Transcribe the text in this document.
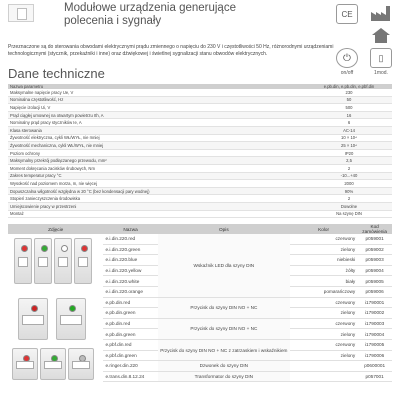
Modułowe urządzenia generujące
polecenia i sygnały	CE
⏻
on/off
▯
1mod.
Przeznaczone są do sterowania obwodami elektrycznymi prądu zmiennego o napięciu do 230 V i częstotliwości 50 Hz, różnorodnymi urządzeniami technologicznymi (stycznik, przekaźniki i inne) oraz dźwiękowej i świetlnej sygnalizacji stanu obwodów elektrycznych.
Dane techniczne
Nazwa parametru	e.pb.din, e.pb.din, e.pbf.din
Maksymalne napięcie pracy Ue, V	230
Nominalna częstotliwość, Hz	50
Napięcie izolacji Ui, V	500
Prąd ciągłej umownej na otwartym powietrzu Ith, A	16
Nominalny prąd pracy styczników Ie, A	6
Klasa sterowania	AC-14
Żywotność elektryczna, cykli WŁ/WYŁ, nie mniej	10 × 10⁴
Żywotność mechaniczna, cykli WŁ/WYŁ, nie mniej	25 × 10⁴
Poziom ochrony	IP20
Maksymalny przekrój podłączanego przewodu, mm²	2,5
Moment dokręcania zacisków śrubowych, Nm	2
Zakres temperatur pracy °C	-10...+40
Wysokość nad poziomem morza, m, nie więcej	2000
Dopuszczalna wilgotność względna w 20 °C (bez kondensacji pary wodnej)	90%
Stopień zanieczyszczenia środowiska	2
Umiejscowienie pracy w przestrzeni	Dowolne
Montaż	Na szynę DIN
Zdjęcie	Nazwa	Opis	Kolor	Kod zamówienia

	e.i.din.220.red	Wskaźnik LED dla szyny DIN	czerwony	p059001
	e.i.din.220.green		zielony	p059002
	e.i.din.220.blue		niebieski	p059003
	e.i.din.220.yellow		żółty	p059004
	e.i.din.220.white		biały	p059005
	e.i.din.220.orange		pomarańczowy	p059006
	e.pb.din.red	Przycisk do szyny DIN NO + NC	czerwony	i1790001
	e.pb.din.green		zielony	i1790002
	e.pb.din.red	Przycisk do szyny DIN NO + NC	czerwony	i1790003
	e.pb.din.green		zielony	i1790004
	e.pbf.din.red	Przycisk do szyny DIN NO + NC z zatrzaskiem i wskaźnikiem	czerwony	i1790005
	e.pbf.din.green		zielony	i1790006
	e.ringer.din.220	Dzwonek do szyny DIN		p0600001
	e.trans.din.8.12.24	Transformator do szyny DIN		p057001
